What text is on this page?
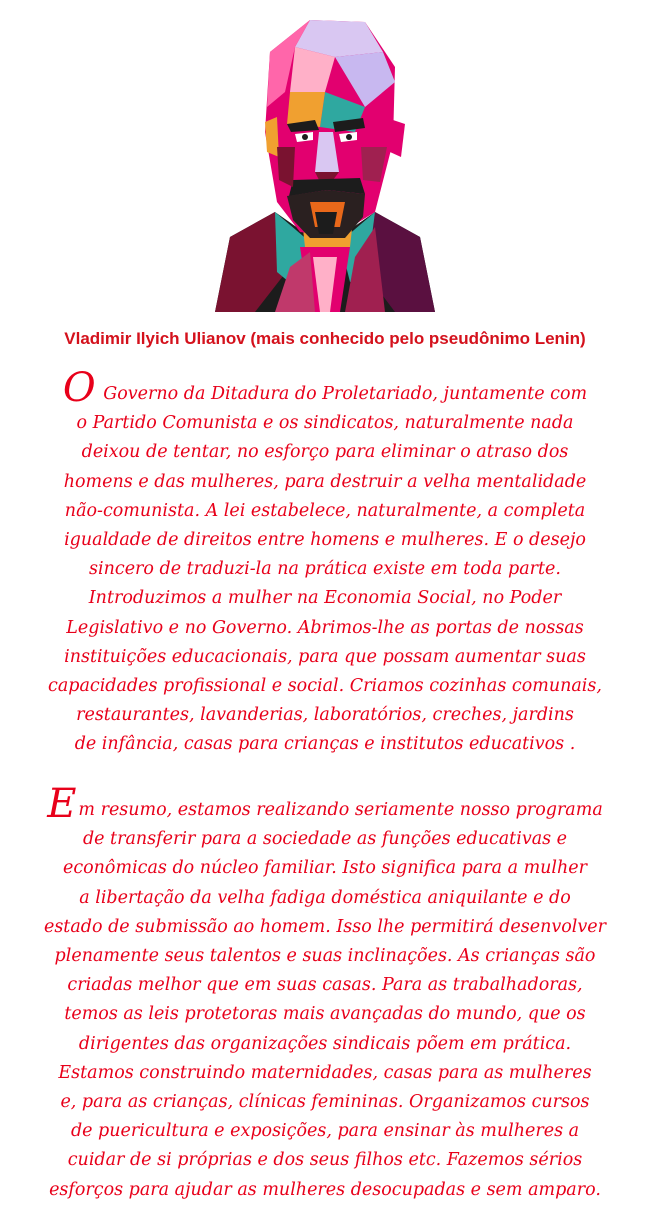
Vladimir Ilyich Ulianov (mais conhecido pelo pseudônimo Lenin)

O Governo da Ditadura do Proletariado, juntamente com
o Partido Comunista e os sindicatos, naturalmente nada
deixou de tentar, no esforço para eliminar o atraso dos
homens e das mulheres, para destruir a velha mentalidade
não-comunista. A lei estabelece, naturalmente, a completa
igualdade de direitos entre homens e mulheres. E o desejo
sincero de traduzi-la na prática existe em toda parte.
Introduzimos a mulher na Economia Social, no Poder
Legislativo e no Governo. Abrimos-lhe as portas de nossas
instituições educacionais, para que possam aumentar suas
capacidades profissional e social. Criamos cozinhas comunais,
restaurantes, lavanderias, laboratórios, creches, jardins
de infância, casas para crianças e institutos educativos .

Em resumo, estamos realizando seriamente nosso programa
de transferir para a sociedade as funções educativas e
econômicas do núcleo familiar. Isto significa para a mulher
a libertação da velha fadiga doméstica aniquilante e do
estado de submissão ao homem. Isso lhe permitirá desenvolver
plenamente seus talentos e suas inclinações. As crianças são
criadas melhor que em suas casas. Para as trabalhadoras,
temos as leis protetoras mais avançadas do mundo, que os
dirigentes das organizações sindicais põem em prática.
Estamos construindo maternidades, casas para as mulheres
e, para as crianças, clínicas femininas. Organizamos cursos
de puericultura e exposições, para ensinar às mulheres a
cuidar de si próprias e dos seus filhos etc. Fazemos sérios
esforços para ajudar as mulheres desocupadas e sem amparo.
